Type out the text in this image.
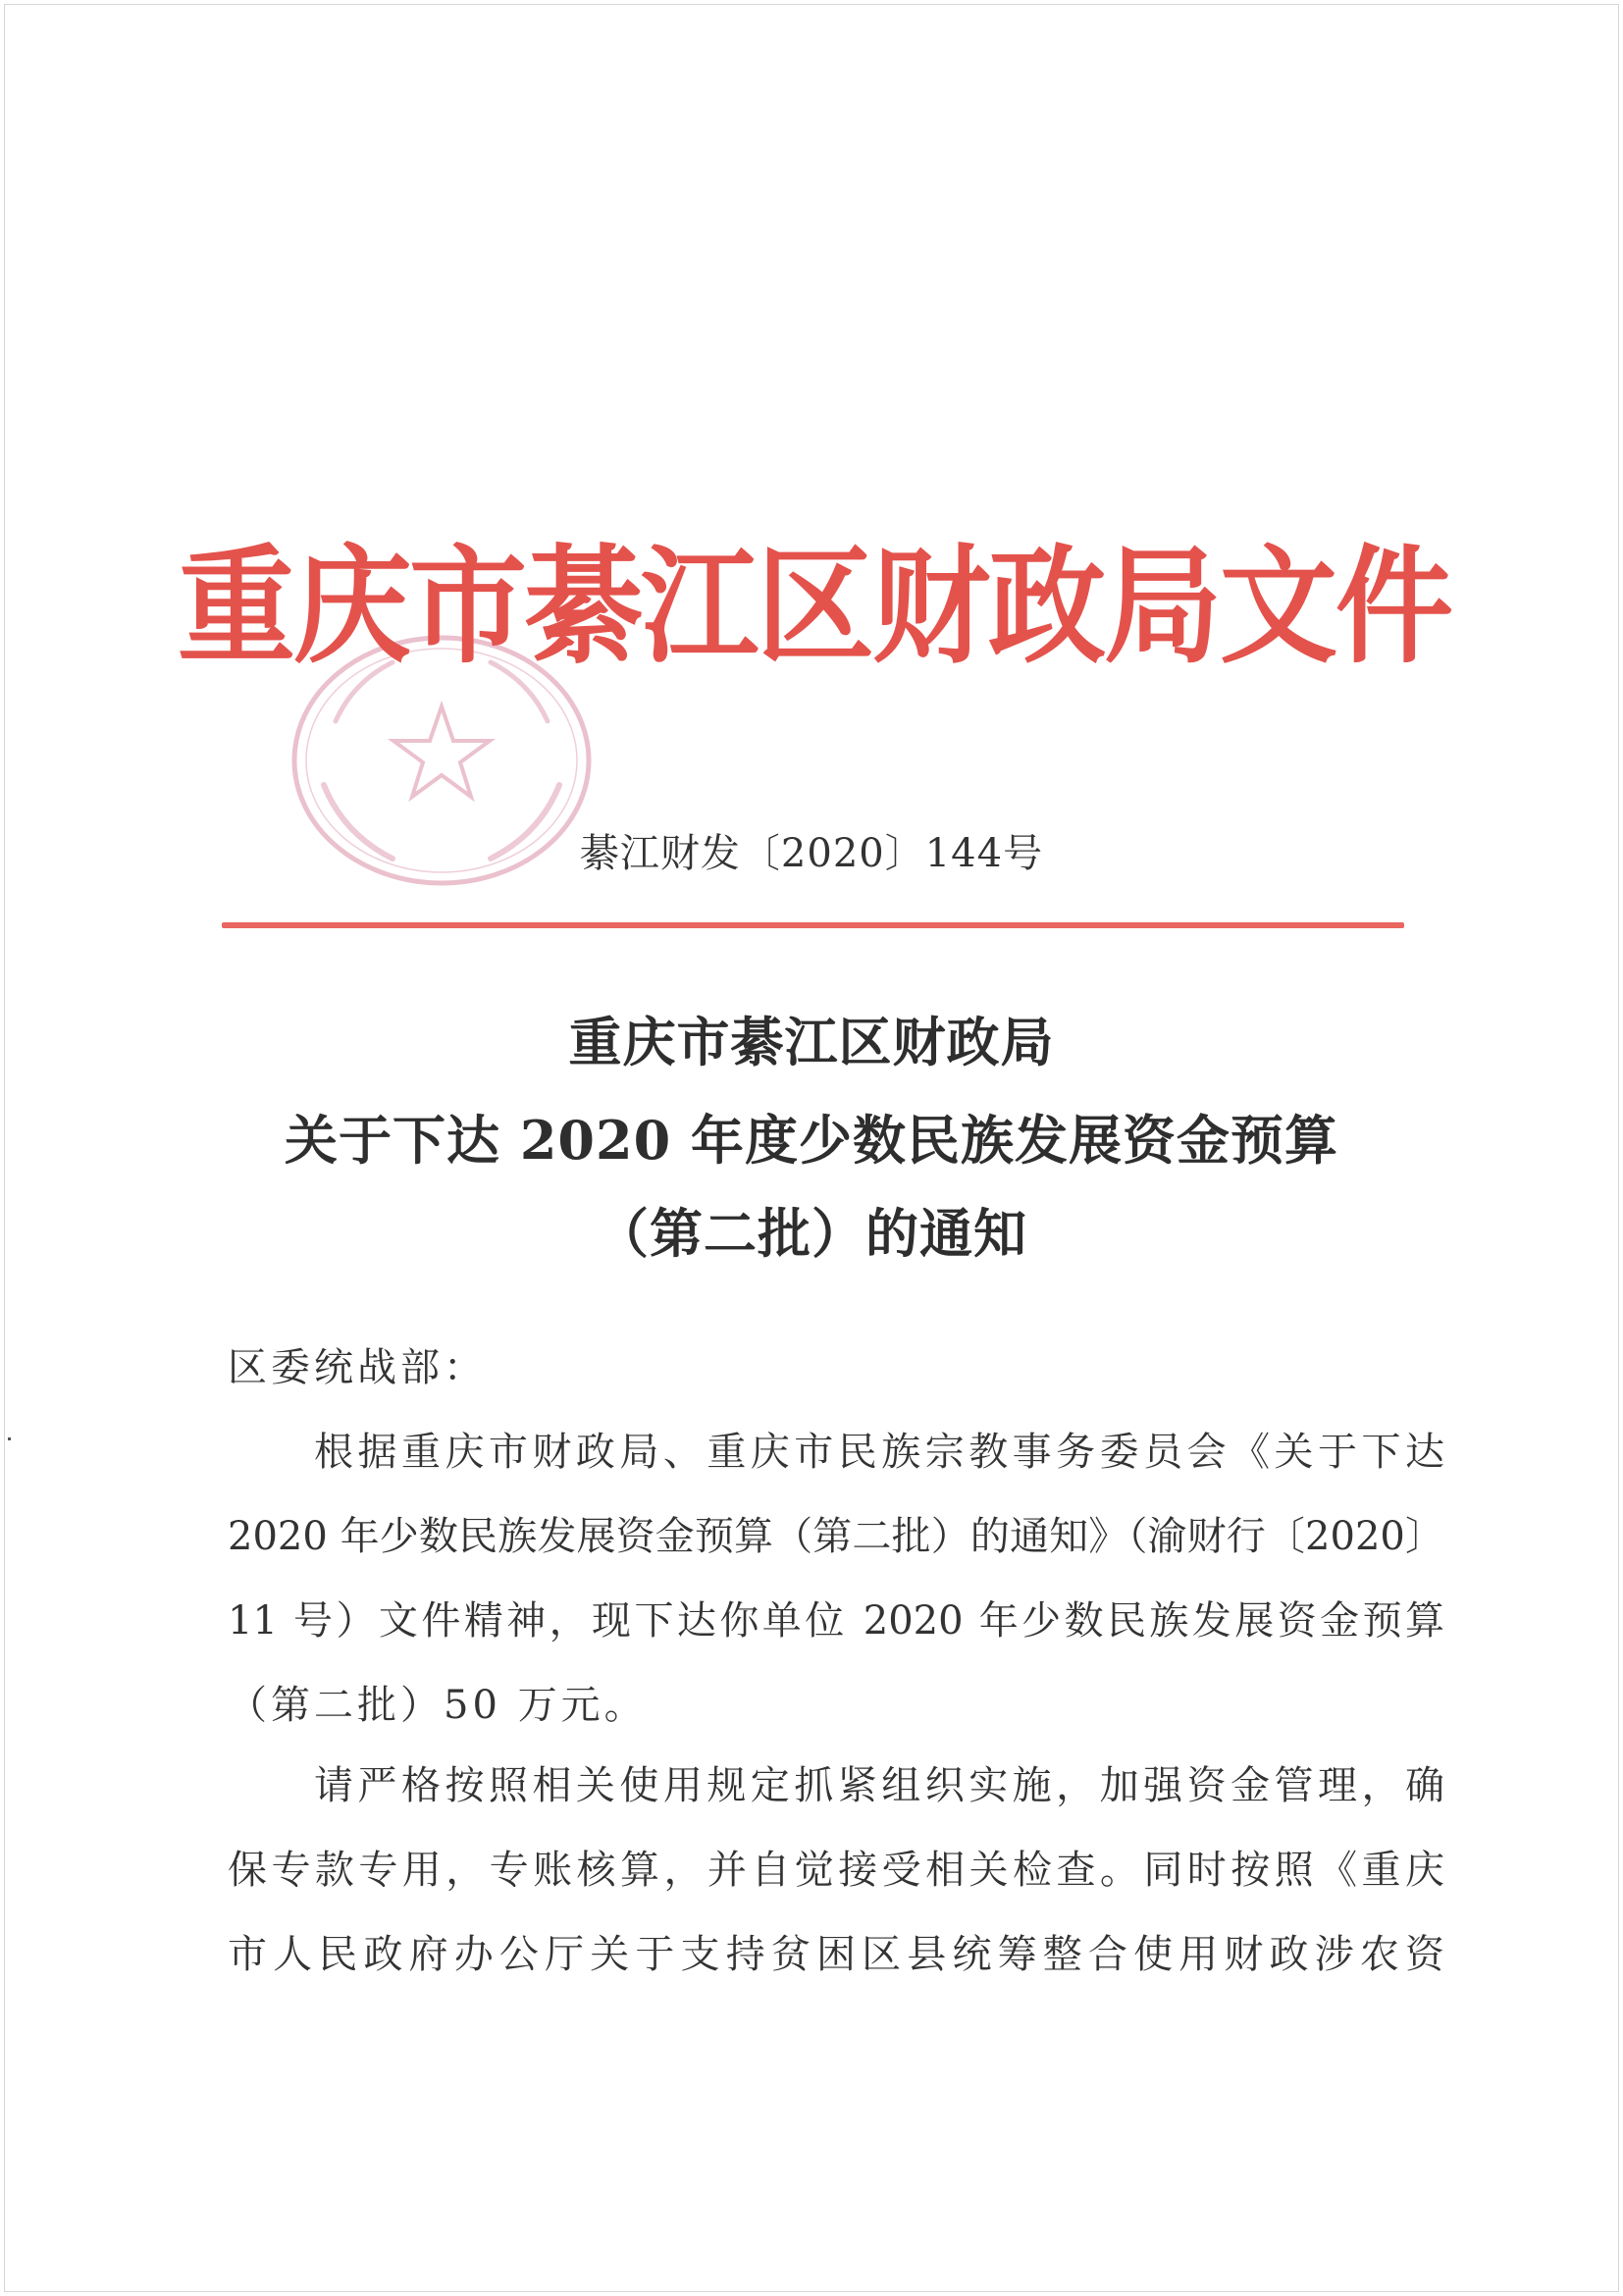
重庆市綦江区财政局文件
綦江财发〔2020〕144号
重庆市綦江区财政局
关于下达 2020 年度少数民族发展资金预算
（第二批）的通知
区委统战部：
根据重庆市财政局、重庆市民族宗教事务委员会《关于下达
2020 年少数民族发展资金预算（第二批）的通知》（渝财行〔2020〕
11 号）文件精神，现下达你单位 2020 年少数民族发展资金预算
（第二批）50 万元。
请严格按照相关使用规定抓紧组织实施，加强资金管理，确
保专款专用，专账核算，并自觉接受相关检查。同时按照《重庆
市人民政府办公厅关于支持贫困区县统筹整合使用财政涉农资
